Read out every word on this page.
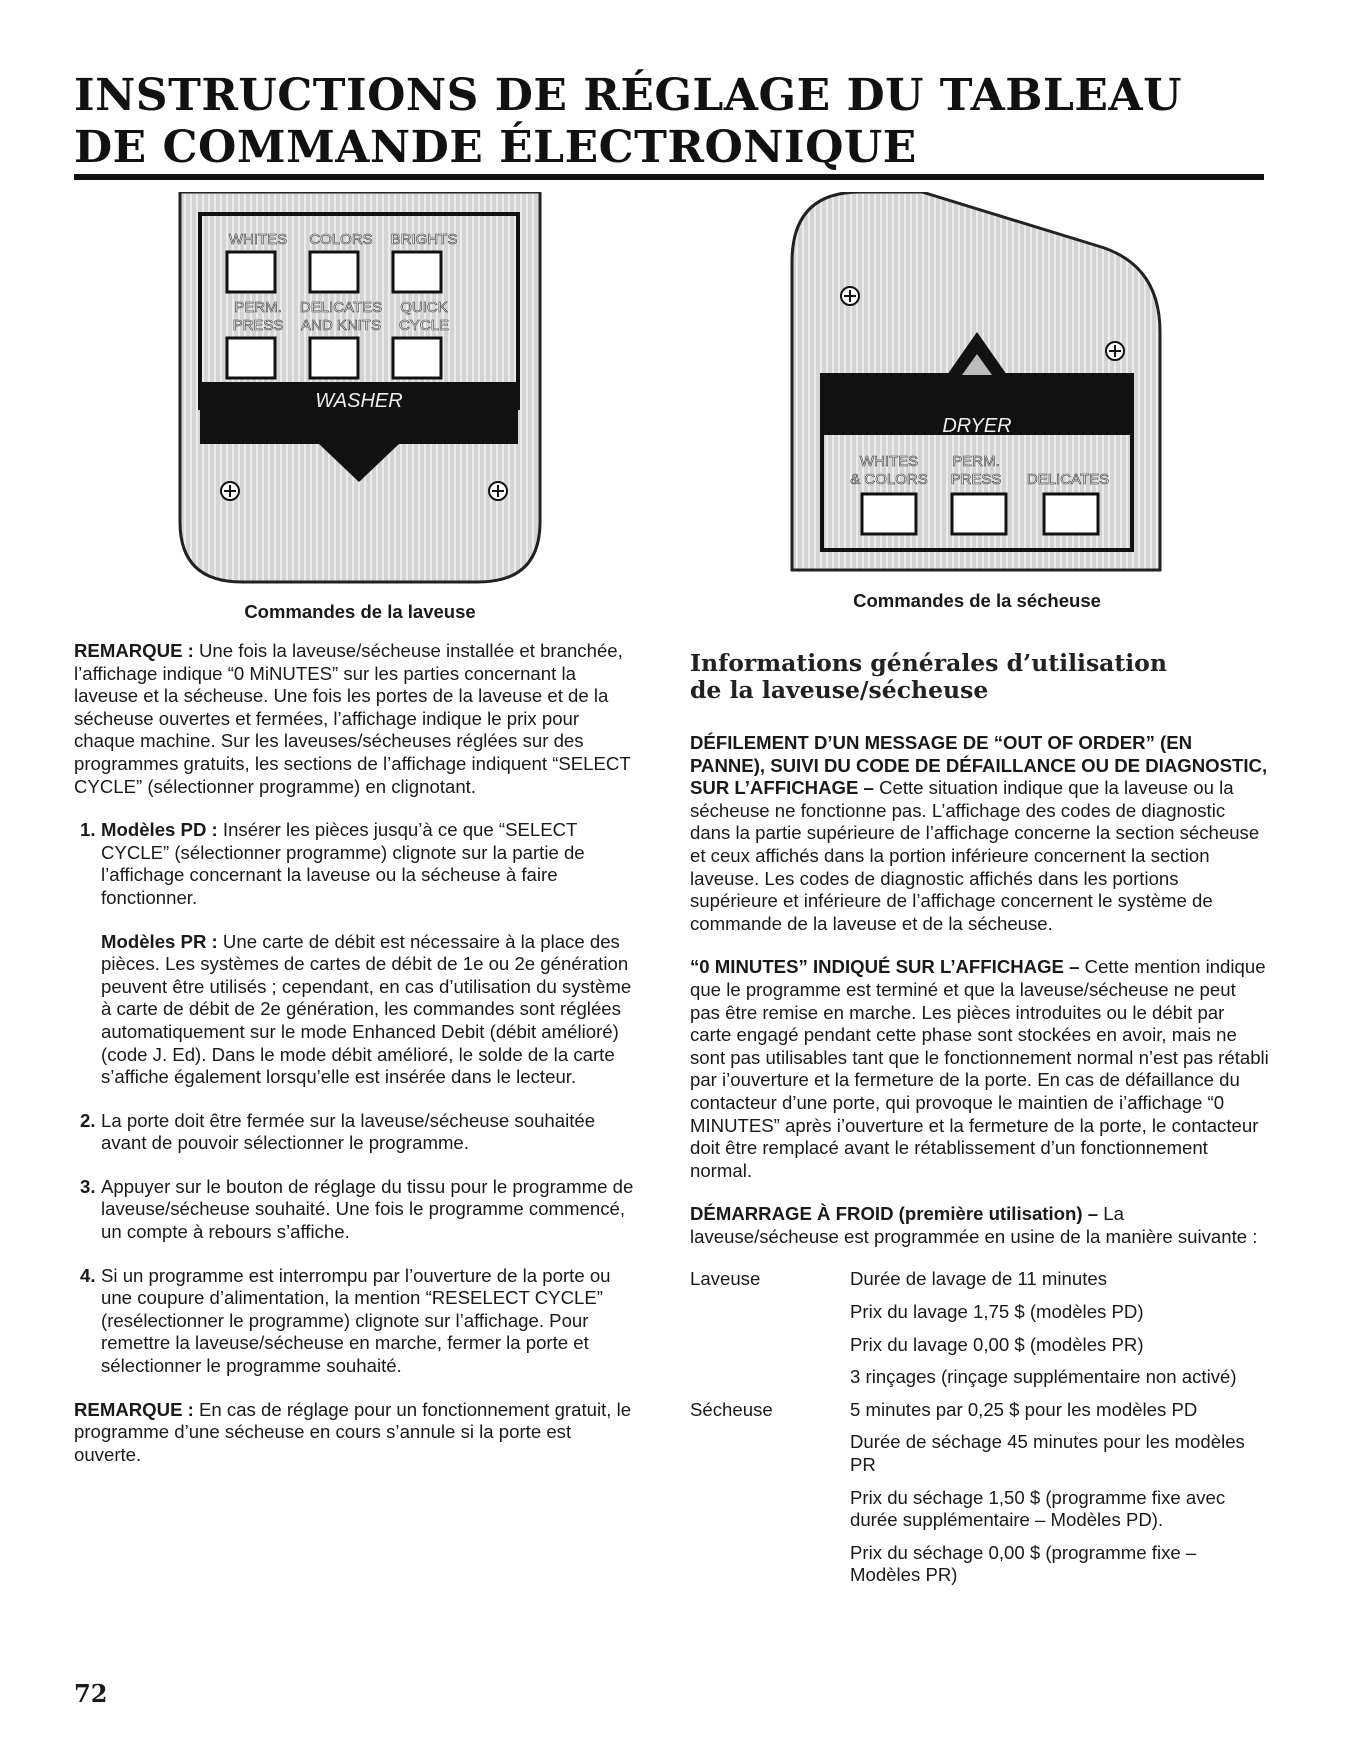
INSTRUCTIONS DE RÉGLAGE DU TABLEAU
DE COMMANDE ÉLECTRONIQUE
WASHER
WHITES COLORS BRIGHTS
PERM. DELICATES QUICK
PRESS AND KNITS CYCLE
Commandes de la laveuse
DRYER
WHITES PERM.
& COLORS PRESS DELICATES
Commandes de la sécheuse

REMARQUE : Une fois la laveuse/sécheuse installée et branchée, l’affichage indique “0 MiNUTES” sur les parties concernant la laveuse et la sécheuse. Une fois les portes de la laveuse et de la sécheuse ouvertes et fermées, l’affichage indique le prix pour chaque machine. Sur les laveuses/sécheuses réglées sur des programmes gratuits, les sections de l’affichage indiquent “SELECT CYCLE” (sélectionner programme) en clignotant.

1. Modèles PD : Insérer les pièces jusqu’à ce que “SELECT CYCLE” (sélectionner programme) clignote sur la partie de l’affichage concernant la laveuse ou la sécheuse à faire fonctionner.

Modèles PR : Une carte de débit est nécessaire à la place des pièces. Les systèmes de cartes de débit de 1e ou 2e génération peuvent être utilisés ; cependant, en cas d’utilisation du système à carte de débit de 2e génération, les commandes sont réglées automatiquement sur le mode Enhanced Debit (débit amélioré) (code J. Ed). Dans le mode débit amélioré, le solde de la carte s’affiche également lorsqu’elle est insérée dans le lecteur.

2. La porte doit être fermée sur la laveuse/sécheuse souhaitée avant de pouvoir sélectionner le programme.

3. Appuyer sur le bouton de réglage du tissu pour le programme de laveuse/sécheuse souhaité. Une fois le programme commencé, un compte à rebours s’affiche.

4. Si un programme est interrompu par l’ouverture de la porte ou une coupure d’alimentation, la mention “RESELECT CYCLE” (resélectionner le programme) clignote sur l’affichage. Pour remettre la laveuse/sécheuse en marche, fermer la porte et sélectionner le programme souhaité.

REMARQUE : En cas de réglage pour un fonctionnement gratuit, le programme d’une sécheuse en cours s’annule si la porte est ouverte.

Informations générales d’utilisation
de la laveuse/sécheuse

DÉFILEMENT D’UN MESSAGE DE “OUT OF ORDER” (EN PANNE), SUIVI DU CODE DE DÉFAILLANCE OU DE DIAGNOSTIC, SUR L’AFFICHAGE – Cette situation indique que la laveuse ou la sécheuse ne fonctionne pas. L’affichage des codes de diagnostic dans la partie supérieure de l’affichage concerne la section sécheuse et ceux affichés dans la portion inférieure concernent la section laveuse. Les codes de diagnostic affichés dans les portions supérieure et inférieure de l’affichage concernent le système de commande de la laveuse et de la sécheuse.

“0 MINUTES” INDIQUÉ SUR L’AFFICHAGE – Cette mention indique que le programme est terminé et que la laveuse/sécheuse ne peut pas être remise en marche. Les pièces introduites ou le débit par carte engagé pendant cette phase sont stockées en avoir, mais ne sont pas utilisables tant que le fonctionnement normal n’est pas rétabli par i’ouverture et la fermeture de la porte. En cas de défaillance du contacteur d’une porte, qui provoque le maintien de i’affichage “0 MINUTES” après i’ouverture et la fermeture de la porte, le contacteur doit être remplacé avant le rétablissement d’un fonctionnement normal.

DÉMARRAGE À FROID (première utilisation) – La laveuse/sécheuse est programmée en usine de la manière suivante :

Laveuse	Durée de lavage de 11 minutes

Prix du lavage 1,75 $ (modèles PD)

Prix du lavage 0,00 $ (modèles PR)

3 rinçages (rinçage supplémentaire non activé)

Sécheuse	5 minutes par 0,25 $ pour les modèles PD

Durée de séchage 45 minutes pour les modèles PR

Prix du séchage 1,50 $ (programme fixe avec durée supplémentaire – Modèles PD).

Prix du séchage 0,00 $ (programme fixe – Modèles PR)

72
